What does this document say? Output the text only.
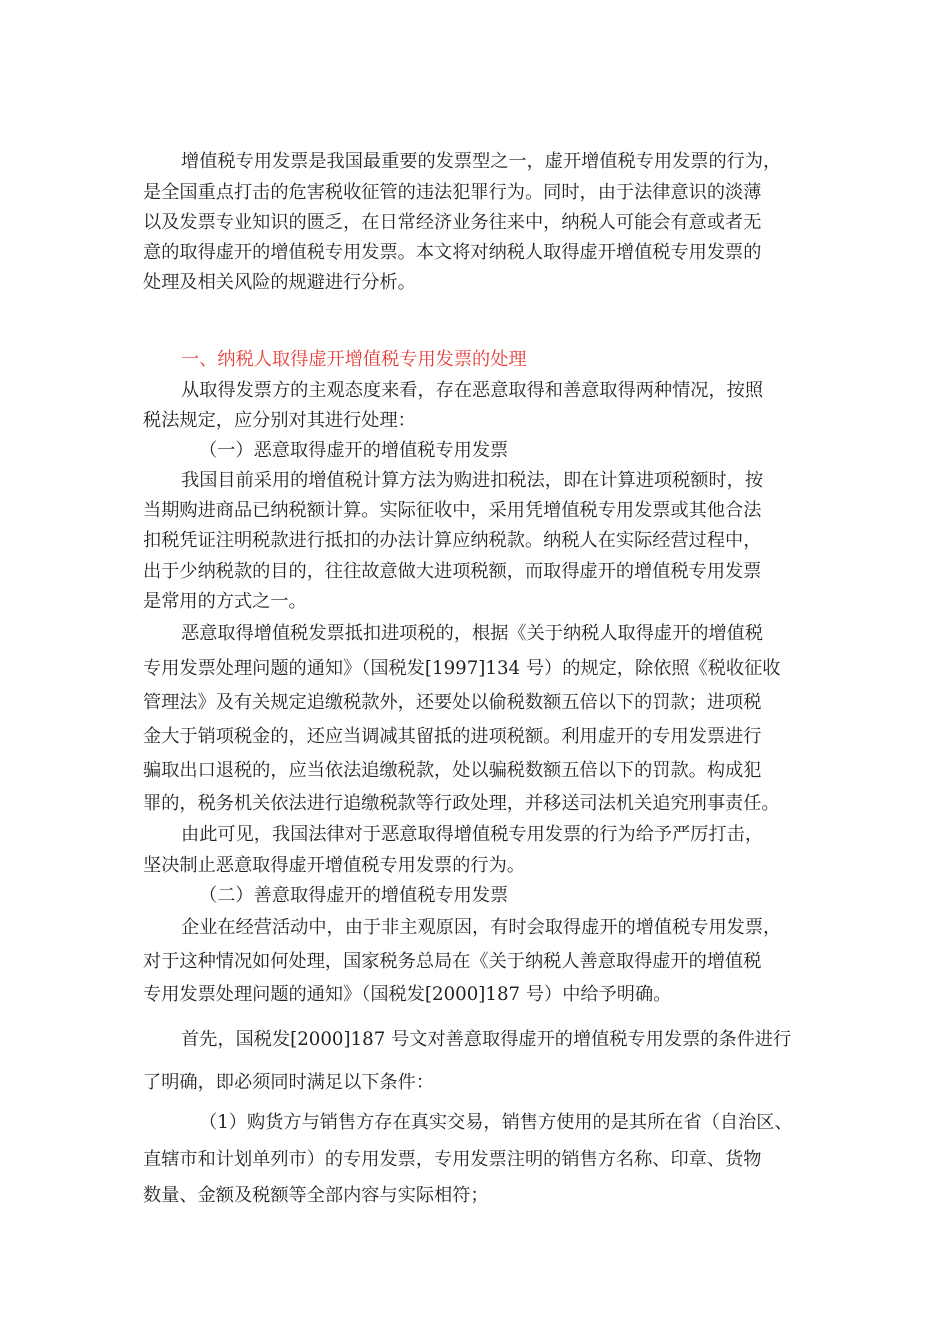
增值税专用发票是我国最重要的发票型之一，虚开增值税专用发票的行为，

是全国重点打击的危害税收征管的违法犯罪行为。同时，由于法律意识的淡薄

以及发票专业知识的匮乏，在日常经济业务往来中，纳税人可能会有意或者无

意的取得虚开的增值税专用发票。本文将对纳税人取得虚开增值税专用发票的

处理及相关风险的规避进行分析。

一、纳税人取得虚开增值税专用发票的处理

从取得发票方的主观态度来看，存在恶意取得和善意取得两种情况，按照

税法规定，应分别对其进行处理：

（一）恶意取得虚开的增值税专用发票

我国目前采用的增值税计算方法为购进扣税法，即在计算进项税额时，按

当期购进商品已纳税额计算。实际征收中，采用凭增值税专用发票或其他合法

扣税凭证注明税款进行抵扣的办法计算应纳税款。纳税人在实际经营过程中，

出于少纳税款的目的，往往故意做大进项税额，而取得虚开的增值税专用发票

是常用的方式之一。

恶意取得增值税发票抵扣进项税的，根据《关于纳税人取得虚开的增值税

专用发票处理问题的通知》（国税发[1997]134 号）的规定，除依照《税收征收

管理法》及有关规定追缴税款外，还要处以偷税数额五倍以下的罚款；进项税

金大于销项税金的，还应当调减其留抵的进项税额。利用虚开的专用发票进行

骗取出口退税的，应当依法追缴税款，处以骗税数额五倍以下的罚款。构成犯

罪的，税务机关依法进行追缴税款等行政处理，并移送司法机关追究刑事责任。

由此可见，我国法律对于恶意取得增值税专用发票的行为给予严厉打击，

坚决制止恶意取得虚开增值税专用发票的行为。

（二）善意取得虚开的增值税专用发票

企业在经营活动中，由于非主观原因，有时会取得虚开的增值税专用发票，

对于这种情况如何处理，国家税务总局在《关于纳税人善意取得虚开的增值税

专用发票处理问题的通知》（国税发[2000]187 号）中给予明确。

首先，国税发[2000]187 号文对善意取得虚开的增值税专用发票的条件进行

了明确，即必须同时满足以下条件：

（1）购货方与销售方存在真实交易，销售方使用的是其所在省（自治区、

直辖市和计划单列市）的专用发票，专用发票注明的销售方名称、印章、货物

数量、金额及税额等全部内容与实际相符；
